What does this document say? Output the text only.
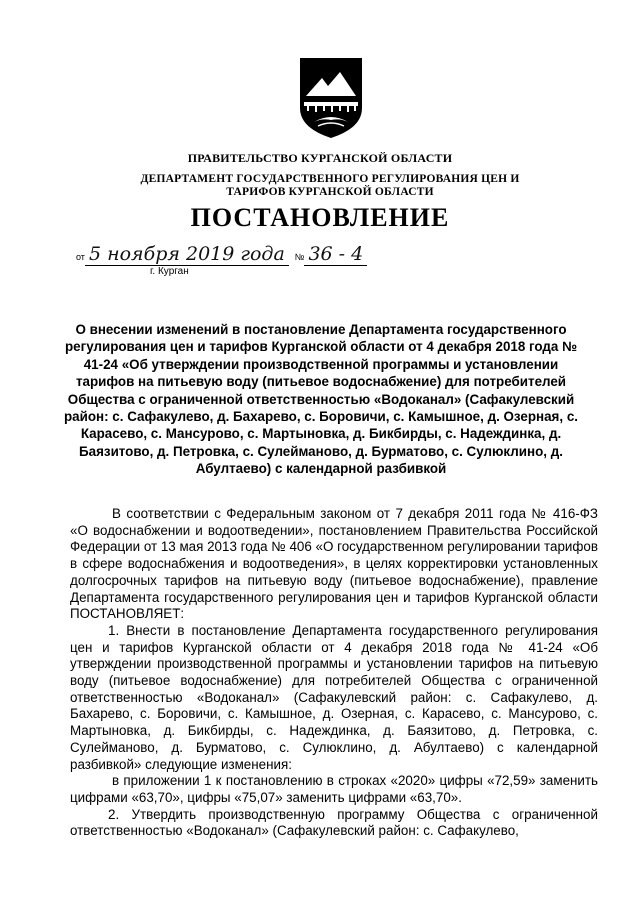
ПРАВИТЕЛЬСТВО КУРГАНСКОЙ ОБЛАСТИ
ДЕПАРТАМЕНТ ГОСУДАРСТВЕННОГО РЕГУЛИРОВАНИЯ ЦЕН И ТАРИФОВ КУРГАНСКОЙ ОБЛАСТИ
ПОСТАНОВЛЕНИЕ
от 5 ноября 2019 года № 36 - 4
г. Курган
О внесении изменений в постановление Департамента государственного регулирования цен и тарифов Курганской области от 4 декабря 2018 года № 41-24 «Об утверждении производственной программы и установлении тарифов на питьевую воду (питьевое водоснабжение) для потребителей Общества с ограниченной ответственностью «Водоканал» (Сафакулевский район: с. Сафакулево, д. Бахарево, с. Боровичи, с. Камышное, д. Озерная, с. Карасево, с. Мансурово, с. Мартыновка, д. Бикбирды, с. Надеждинка, д. Баязитово, д. Петровка, с. Сулейманово, д. Бурматово, с. Сулюклино, д. Абултаево) с календарной разбивкой

В соответствии с Федеральным законом от 7 декабря 2011 года № 416-ФЗ «О водоснабжении и водоотведении», постановлением Правительства Российской Федерации от 13 мая 2013 года № 406 «О государственном регулировании тарифов в сфере водоснабжения и водоотведения», в целях корректировки установленных долгосрочных тарифов на питьевую воду (питьевое водоснабжение), правление Департамента государственного регулирования цен и тарифов Курганской области ПОСТАНОВЛЯЕТ:

1. Внести в постановление Департамента государственного регулирования цен и тарифов Курганской области от 4 декабря 2018 года № 41-24 «Об утверждении производственной программы и установлении тарифов на питьевую воду (питьевое водоснабжение) для потребителей Общества с ограниченной ответственностью «Водоканал» (Сафакулевский район: с. Сафакулево, д. Бахарево, с. Боровичи, с. Камышное, д. Озерная, с. Карасево, с. Мансурово, с. Мартыновка, д. Бикбирды, с. Надеждинка, д. Баязитово, д. Петровка, с. Сулейманово, д. Бурматово, с. Сулюклино, д. Абултаево) с календарной разбивкой» следующие изменения:

в приложении 1 к постановлению в строках «2020» цифры «72,59» заменить цифрами «63,70», цифры «75,07» заменить цифрами «63,70».

2. Утвердить производственную программу Общества с ограниченной ответственностью «Водоканал» (Сафакулевский район: с. Сафакулево,
